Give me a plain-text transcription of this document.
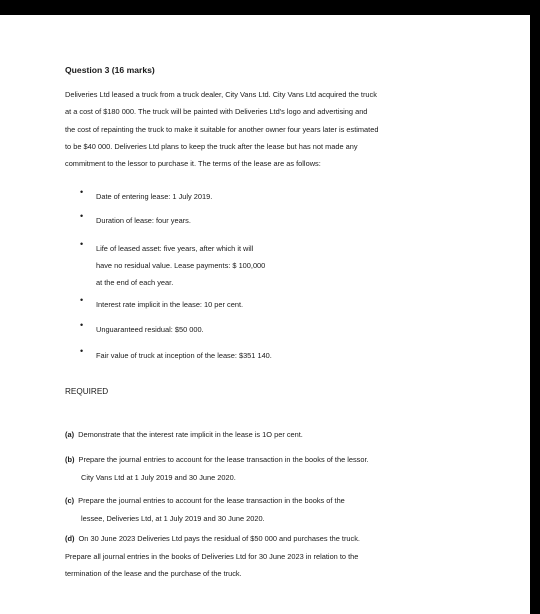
Question 3 (16 marks)
Deliveries Ltd leased a truck from a truck dealer, City Vans Ltd. City Vans Ltd acquired the truck
at a cost of $180 000. The truck will be painted with Deliveries Ltd's logo and advertising and
the cost of repainting the truck to make it suitable for another owner four years later is estimated
to be $40 000. Deliveries Ltd plans to keep the truck after the lease but has not made any
commitment to the lessor to purchase it. The terms of the lease are as follows:
• Date of entering lease: 1 July 2019.
• Duration of lease: four years.
• Life of leased asset: five years, after which it will
have no residual value. Lease payments: $ 100,000
at the end of each year.
• Interest rate implicit in the lease: 10 per cent.
• Unguaranteed residual: $50 000.
• Fair value of truck at inception of the lease: $351 140.
REQUIRED
(a) Demonstrate that the interest rate implicit in the lease is 1O per cent.
(b) Prepare the journal entries to account for the lease transaction in the books of the lessor.
City Vans Ltd at 1 July 2019 and 30 June 2020.
(c) Prepare the journal entries to account for the lease transaction in the books of the
lessee, Deliveries Ltd, at 1 July 2019 and 30 June 2020.
(d) On 30 June 2023 Deliveries Ltd pays the residual of $50 000 and purchases the truck.
Prepare all journal entries in the books of Deliveries Ltd for 30 June 2023 in relation to the
termination of the lease and the purchase of the truck.
